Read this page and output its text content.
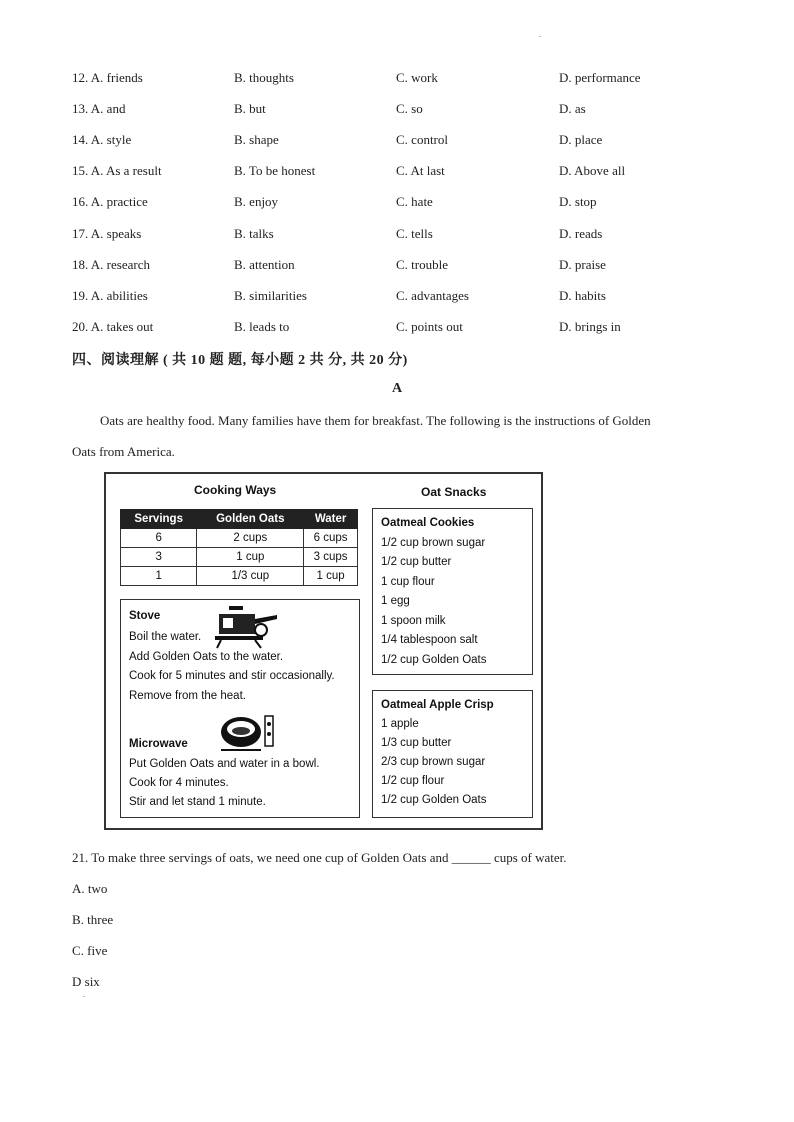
.
12. A. friends	B. thoughts	C. work	D. performance
13. A. and	B. but	C. so	D. as
14. A. style	B. shape	C. control	D. place
15. A. As a result	B. To be honest	C. At last	D. Above all
16. A. practice	B. enjoy	C. hate	D. stop
17. A. speaks	B. talks	C. tells	D. reads
18. A. research	B. attention	C. trouble	D. praise
19. A. abilities	B. similarities	C. advantages	D. habits
20. A. takes out	B. leads to	C. points out	D. brings in
四、阅读理解 ( 共 10 题 题, 每小题 2 共 分, 共 20 分)
A
Oats are healthy food. Many families have them for breakfast. The following is the instructions of Golden
Oats from America.
Cooking Ways	Oat Snacks
Servings	Golden Oats	Water
6	2 cups	6 cups
3	1 cup	3 cups
1	1/3 cup	1 cup
Stove
Boil the water.
Add Golden Oats to the water.
Cook for 5 minutes and stir occasionally.
Remove from the heat.
Microwave
Put Golden Oats and water in a bowl.
Cook for 4 minutes.
Stir and let stand 1 minute.
Oatmeal Cookies
1/2 cup brown sugar
1/2 cup butter
1 cup flour
1 egg
1 spoon milk
1/4 tablespoon salt
1/2 cup Golden Oats
Oatmeal Apple Crisp
1 apple
1/3 cup butter
2/3 cup brown sugar
1/2 cup flour
1/2 cup Golden Oats
21. To make three servings of oats, we need one cup of Golden Oats and ______ cups of water.
A. two
B. three
C. five
D six
.
